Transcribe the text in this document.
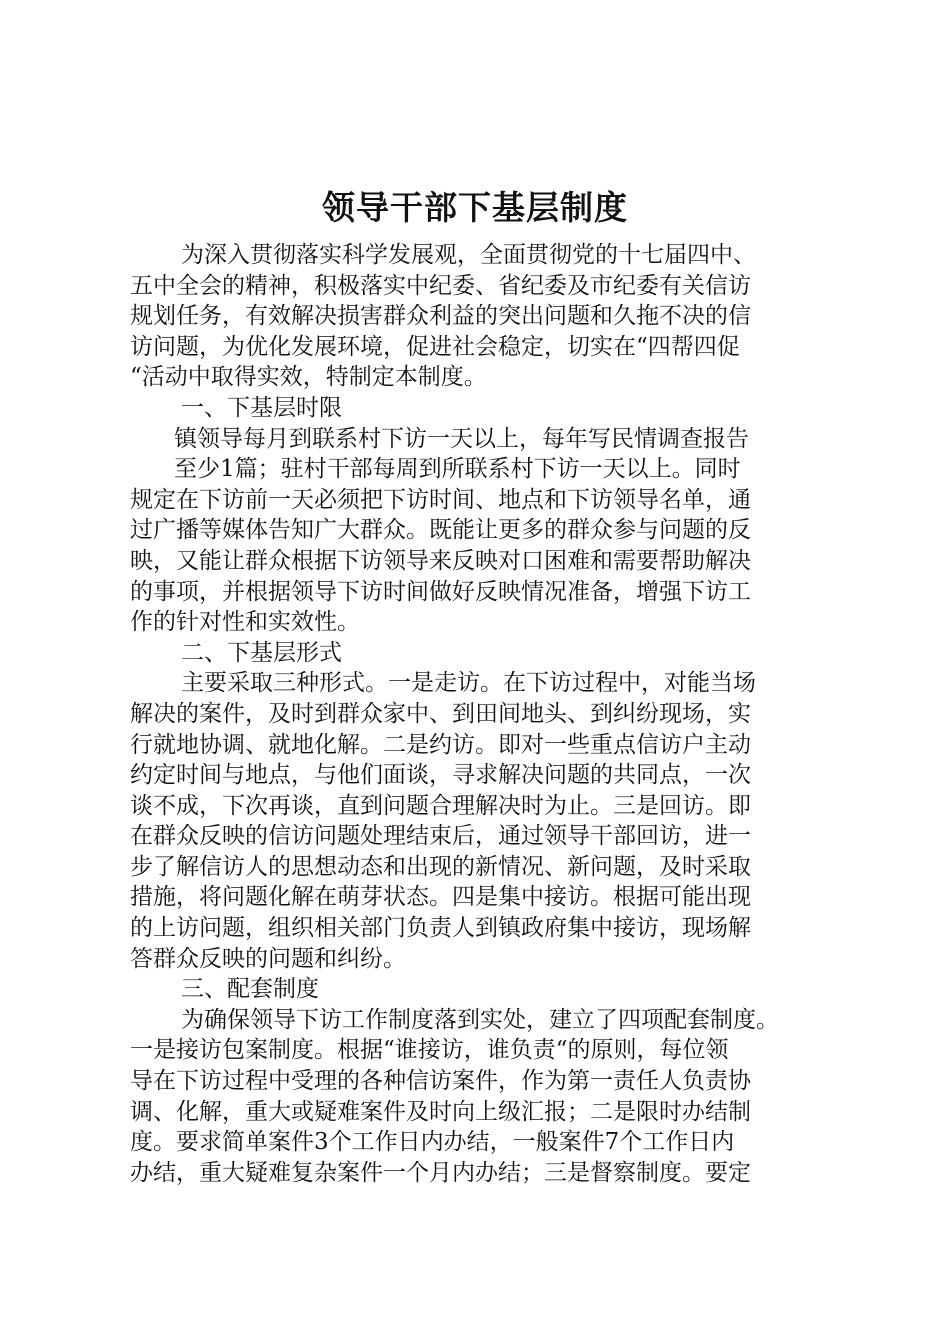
领导干部下基层制度
为深入贯彻落实科学发展观，全面贯彻党的十七届四中、
五中全会的精神，积极落实中纪委、省纪委及市纪委有关信访
规划任务，有效解决损害群众利益的突出问题和久拖不决的信
访问题，为优化发展环境，促进社会稳定，切实在“四帮四促
“活动中取得实效，特制定本制度。
一、下基层时限
镇领导每月到联系村下访一天以上，每年写民情调查报告
至少1篇；驻村干部每周到所联系村下访一天以上。同时
规定在下访前一天必须把下访时间、地点和下访领导名单，通
过广播等媒体告知广大群众。既能让更多的群众参与问题的反
映，又能让群众根据下访领导来反映对口困难和需要帮助解决
的事项，并根据领导下访时间做好反映情况准备，增强下访工
作的针对性和实效性。
二、下基层形式
主要采取三种形式。一是走访。在下访过程中，对能当场
解决的案件，及时到群众家中、到田间地头、到纠纷现场，实
行就地协调、就地化解。二是约访。即对一些重点信访户主动
约定时间与地点，与他们面谈，寻求解决问题的共同点，一次
谈不成，下次再谈，直到问题合理解决时为止。三是回访。即
在群众反映的信访问题处理结束后，通过领导干部回访，进一
步了解信访人的思想动态和出现的新情况、新问题，及时采取
措施，将问题化解在萌芽状态。四是集中接访。根据可能出现
的上访问题，组织相关部门负责人到镇政府集中接访，现场解
答群众反映的问题和纠纷。
三、配套制度
为确保领导下访工作制度落到实处，建立了四项配套制度。
一是接访包案制度。根据“谁接访，谁负责“的原则，每位领
导在下访过程中受理的各种信访案件，作为第一责任人负责协
调、化解，重大或疑难案件及时向上级汇报；二是限时办结制
度。要求简单案件3个工作日内办结，一般案件7个工作日内
办结，重大疑难复杂案件一个月内办结；三是督察制度。要定
